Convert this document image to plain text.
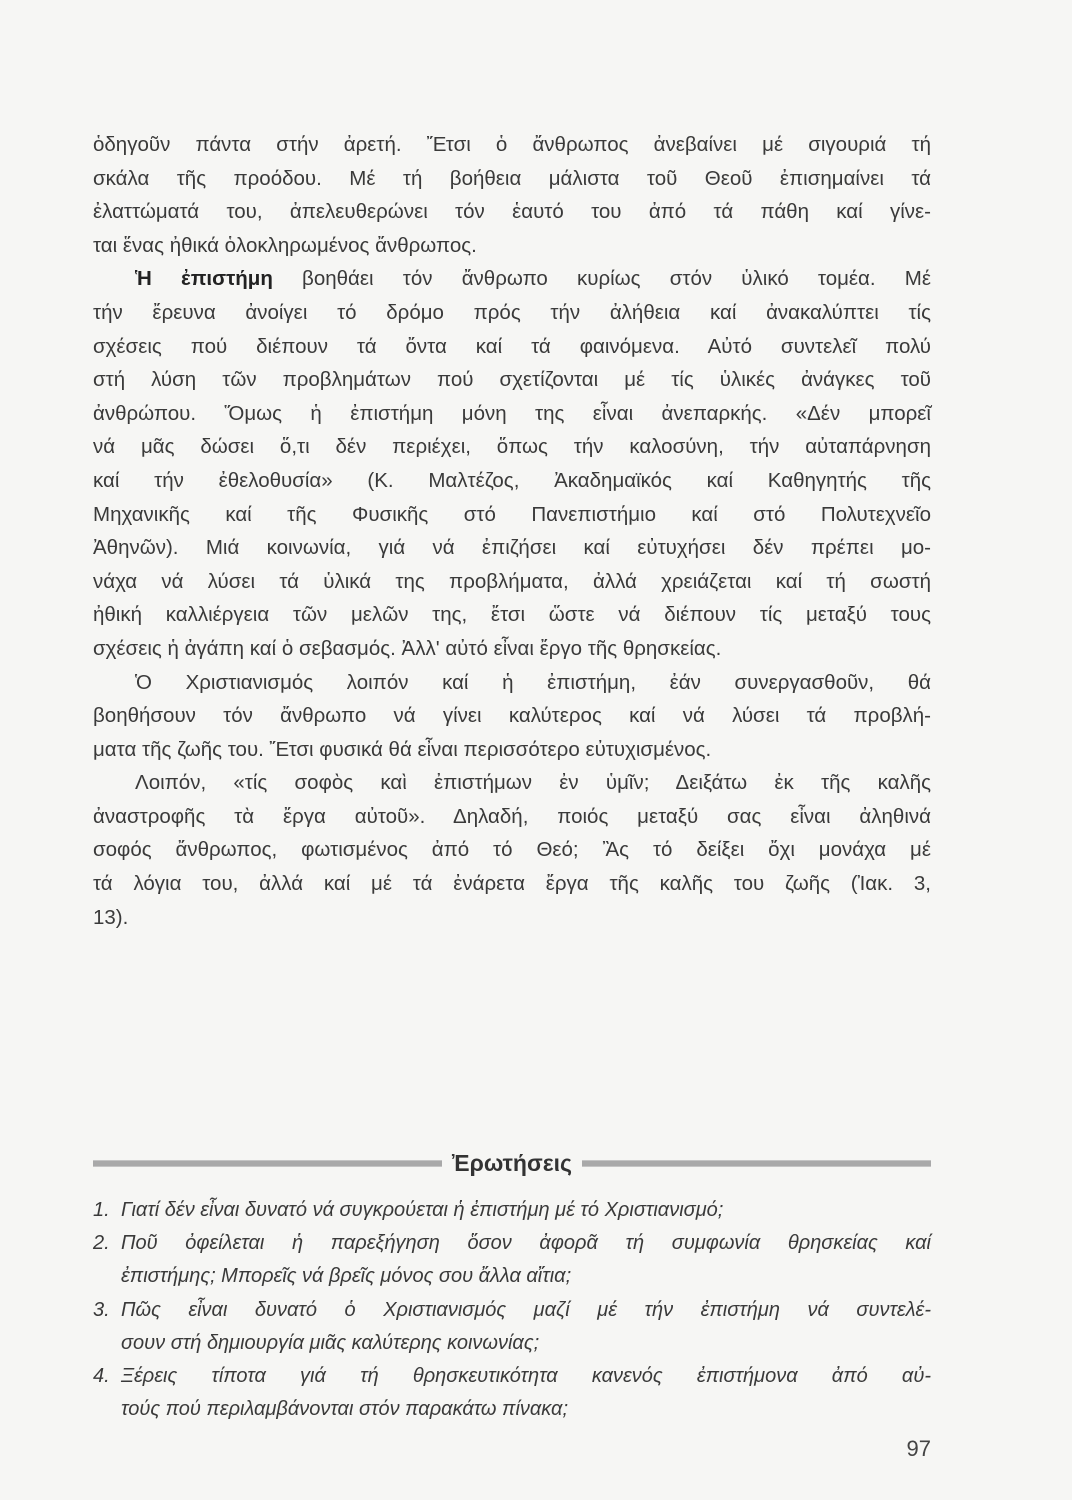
ὁδηγοῦν πάντα στήν ἀρετή. Ἔτσι ὁ ἄνθρωπος ἀνεβαίνει μέ σιγουριά τή
σκάλα τῆς προόδου. Μέ τή βοήθεια μάλιστα τοῦ Θεοῦ ἐπισημαίνει τά
ἐλαττώματά του, ἀπελευθερώνει τόν ἑαυτό του ἀπό τά πάθη καί γίνε-
ται ἕνας ἠθικά ὁλοκληρωμένος ἄνθρωπος.
Ἡ ἐπιστήμη βοηθάει τόν ἄνθρωπο κυρίως στόν ὑλικό τομέα. Μέ
τήν ἔρευνα ἀνοίγει τό δρόμο πρός τήν ἀλήθεια καί ἀνακαλύπτει τίς
σχέσεις πού διέπουν τά ὄντα καί τά φαινόμενα. Αὐτό συντελεῖ πολύ
στή λύση τῶν προβλημάτων πού σχετίζονται μέ τίς ὑλικές ἀνάγκες τοῦ
ἀνθρώπου. Ὅμως ἡ ἐπιστήμη μόνη της εἶναι ἀνεπαρκής. «Δέν μπορεῖ
νά μᾶς δώσει ὅ,τι δέν περιέχει, ὅπως τήν καλοσύνη, τήν αὐταπάρνηση
καί τήν ἐθελοθυσία» (Κ. Μαλτέζος, Ἀκαδημαϊκός καί Καθηγητής τῆς
Μηχανικῆς καί τῆς Φυσικῆς στό Πανεπιστήμιο καί στό Πολυτεχνεῖο
Ἀθηνῶν). Μιά κοινωνία, γιά νά ἐπιζήσει καί εὐτυχήσει δέν πρέπει μο-
νάχα νά λύσει τά ὑλικά της προβλήματα, ἀλλά χρειάζεται καί τή σωστή
ἠθική καλλιέργεια τῶν μελῶν της, ἔτσι ὥστε νά διέπουν τίς μεταξύ τους
σχέσεις ἡ ἀγάπη καί ὁ σεβασμός. Ἀλλ' αὐτό εἶναι ἔργο τῆς θρησκείας.
Ὁ Χριστιανισμός λοιπόν καί ἡ ἐπιστήμη, ἐάν συνεργασθοῦν, θά
βοηθήσουν τόν ἄνθρωπο νά γίνει καλύτερος καί νά λύσει τά προβλή-
ματα τῆς ζωῆς του. Ἔτσι φυσικά θά εἶναι περισσότερο εὐτυχισμένος.
Λοιπόν, «τίς σοφὸς καὶ ἐπιστήμων ἐν ὑμῖν; Δειξάτω ἐκ τῆς καλῆς
ἀναστροφῆς τὰ ἔργα αὐτοῦ». Δηλαδή, ποιός μεταξύ σας εἶναι ἀληθινά
σοφός ἄνθρωπος, φωτισμένος ἀπό τό Θεό; Ἂς τό δείξει ὄχι μονάχα μέ
τά λόγια του, ἀλλά καί μέ τά ἐνάρετα ἔργα τῆς καλῆς του ζωῆς (Ἰακ. 3,
13).
Ἐρωτήσεις
1. Γιατί δέν εἶναι δυνατό νά συγκρούεται ἡ ἐπιστήμη μέ τό Χριστιανισμό;
2. Ποῦ ὀφείλεται ἡ παρεξήγηση ὅσον ἀφορᾶ τή συμφωνία θρησκείας καί
ἐπιστήμης; Μπορεῖς νά βρεῖς μόνος σου ἄλλα αἴτια;
3. Πῶς εἶναι δυνατό ὁ Χριστιανισμός μαζί μέ τήν ἐπιστήμη νά συντελέ-
σουν στή δημιουργία μιᾶς καλύτερης κοινωνίας;
4. Ξέρεις τίποτα γιά τή θρησκευτικότητα κανενός ἐπιστήμονα ἀπό αὐ-
τούς πού περιλαμβάνονται στόν παρακάτω πίνακα;
97
